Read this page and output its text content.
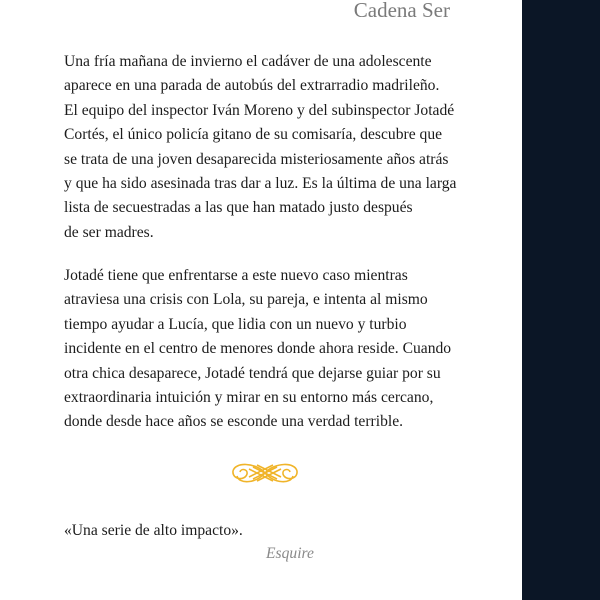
Cadena Ser
Una fría mañana de invierno el cadáver de una adolescente
aparece en una parada de autobús del extrarradio madrileño.
El equipo del inspector Iván Moreno y del subinspector Jotadé
Cortés, el único policía gitano de su comisaría, descubre que
se trata de una joven desaparecida misteriosamente años atrás
y que ha sido asesinada tras dar a luz. Es la última de una larga
lista de secuestradas a las que han matado justo después
de ser madres.
Jotadé tiene que enfrentarse a este nuevo caso mientras
atraviesa una crisis con Lola, su pareja, e intenta al mismo
tiempo ayudar a Lucía, que lidia con un nuevo y turbio
incidente en el centro de menores donde ahora reside. Cuando
otra chica desaparece, Jotadé tendrá que dejarse guiar por su
extraordinaria intuición y mirar en su entorno más cercano,
donde desde hace años se esconde una verdad terrible.
«Una serie de alto impacto».
Esquire
